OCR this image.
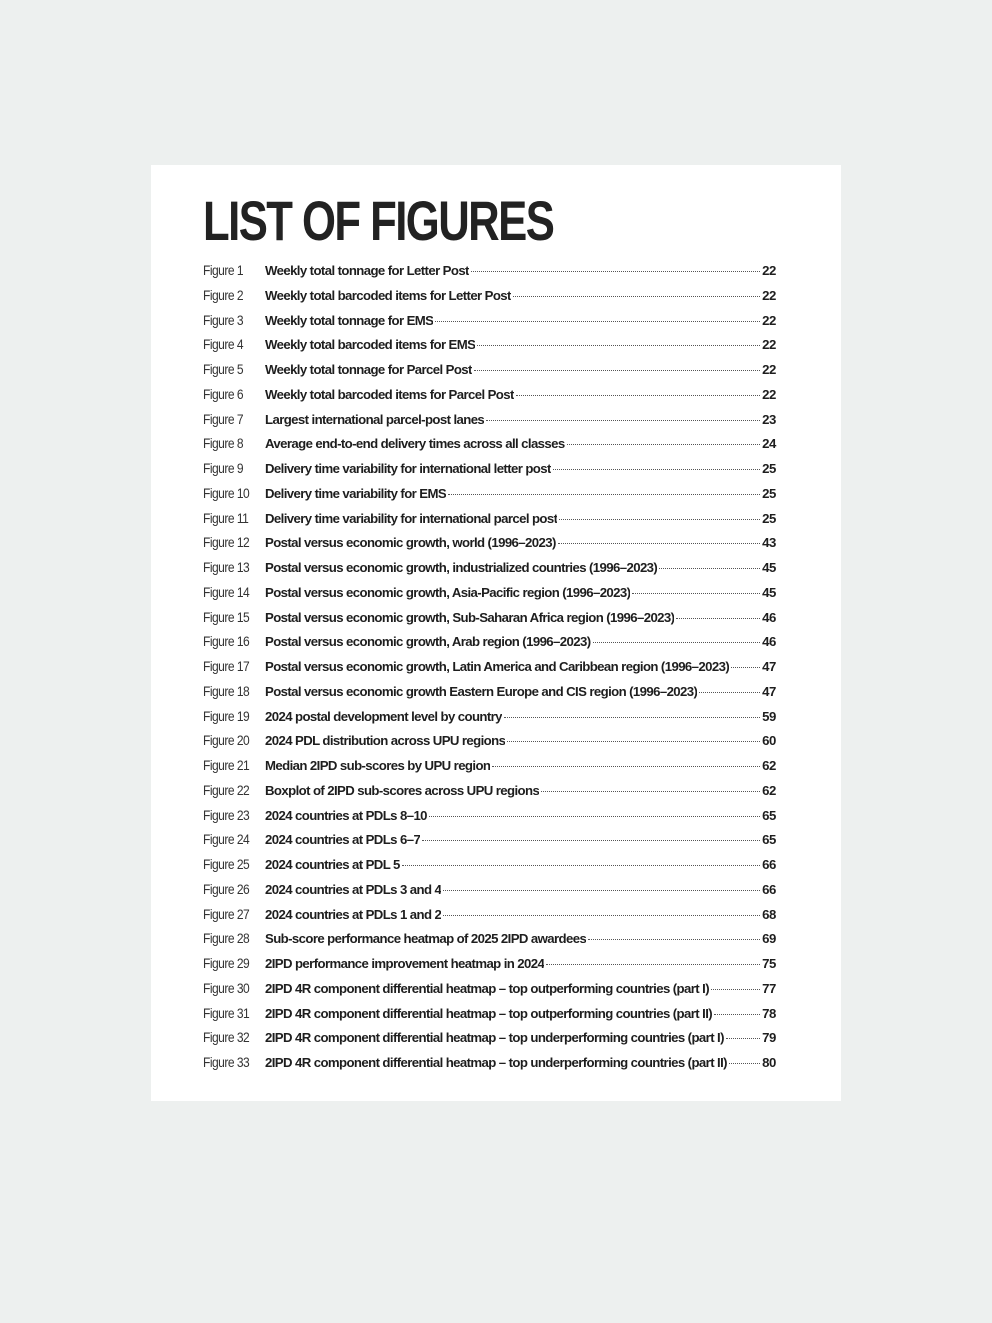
LIST OF FIGURES
Figure 1	Weekly total tonnage for Letter Post	22
Figure 2	Weekly total barcoded items for Letter Post	22
Figure 3	Weekly total tonnage for EMS	22
Figure 4	Weekly total barcoded items for EMS	22
Figure 5	Weekly total tonnage for Parcel Post	22
Figure 6	Weekly total barcoded items for Parcel Post	22
Figure 7	Largest international parcel-post lanes	23
Figure 8	Average end-to-end delivery times across all classes	24
Figure 9	Delivery time variability for international letter post	25
Figure 10	Delivery time variability for EMS	25
Figure 11	Delivery time variability for international parcel post	25
Figure 12	Postal versus economic growth, world (1996–2023)	43
Figure 13	Postal versus economic growth, industrialized countries (1996–2023)	45
Figure 14	Postal versus economic growth, Asia-Pacific region (1996–2023)	45
Figure 15	Postal versus economic growth, Sub-Saharan Africa region (1996–2023)	46
Figure 16	Postal versus economic growth, Arab region (1996–2023)	46
Figure 17	Postal versus economic growth, Latin America and Caribbean region (1996–2023) 47
Figure 18	Postal versus economic growth Eastern Europe and CIS region (1996–2023)	47
Figure 19	2024 postal development level by country	59
Figure 20	2024 PDL distribution across UPU regions	60
Figure 21	Median 2IPD sub-scores by UPU region	62
Figure 22	Boxplot of 2IPD sub-scores across UPU regions	62
Figure 23	2024 countries at PDLs 8–10	65
Figure 24	2024 countries at PDLs 6–7	65
Figure 25	2024 countries at PDL 5	66
Figure 26	2024 countries at PDLs 3 and 4	66
Figure 27	2024 countries at PDLs 1 and 2	68
Figure 28	Sub-score performance heatmap of 2025 2IPD awardees	69
Figure 29	2IPD performance improvement heatmap in 2024	75
Figure 30	2IPD 4R component differential heatmap – top outperforming countries (part I)	77
Figure 31	2IPD 4R component differential heatmap – top outperforming countries (part II)	78
Figure 32	2IPD 4R component differential heatmap – top underperforming countries (part I)	79
Figure 33	2IPD 4R component differential heatmap – top underperforming countries (part II)	80
